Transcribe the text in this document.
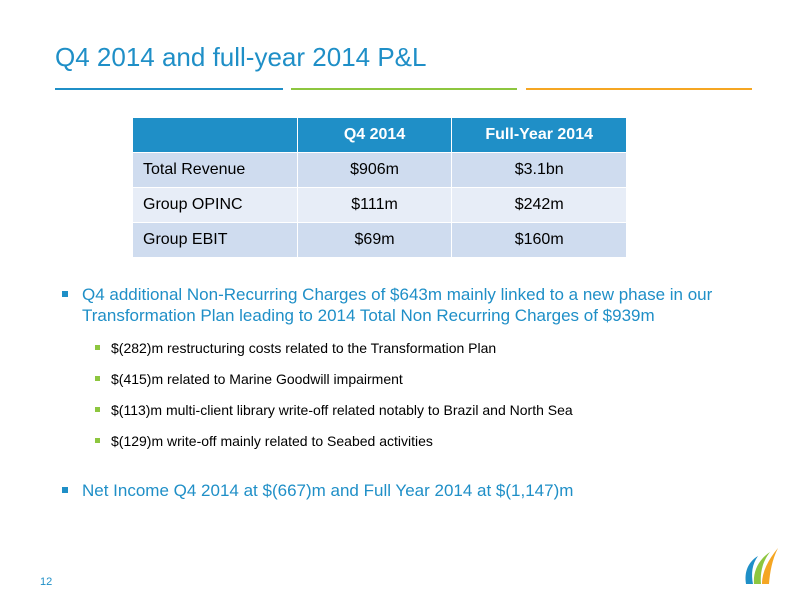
Q4 2014 and full-year 2014 P&L
	Q4 2014	Full-Year 2014
Total Revenue	$906m	$3.1bn
Group OPINC	$111m	$242m
Group EBIT	$69m	$160m
Q4 additional Non-Recurring Charges of $643m mainly linked to a new phase in our Transformation Plan leading to 2014 Total Non Recurring Charges of $939m
$(282)m restructuring costs related to the Transformation Plan
$(415)m related to Marine Goodwill impairment
$(113)m multi-client library write-off related notably to Brazil and North Sea
$(129)m write-off mainly related to Seabed activities
Net Income Q4 2014 at $(667)m and Full Year 2014 at $(1,147)m
12
